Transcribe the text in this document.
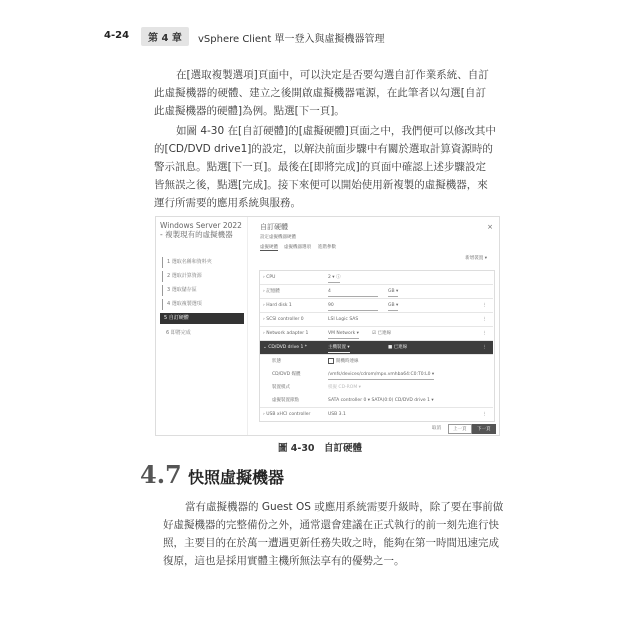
4-24	第 4 章	vSphere Client 單一登入與虛擬機器管理
在[選取複製選項]頁面中，可以決定是否要勾選自訂作業系統、自訂
此虛擬機器的硬體、建立之後開啟虛擬機器電源，在此筆者以勾選[自訂
此虛擬機器的硬體]為例。點選[下一頁]。
如圖 4-30 在[自訂硬體]的[虛擬硬體]頁面之中，我們便可以修改其中
的[CD/DVD drive1]的設定，以解決前面步驟中有關於選取計算資源時的
警示訊息。點選[下一頁]。最後在[即將完成]的頁面中確認上述步驟設定
皆無誤之後，點選[完成]。接下來便可以開始使用新複製的虛擬機器，來
運行所需要的應用系統與服務。
Windows Server 2022 - 複製現有的虛擬機器
1 選取名稱和資料夾
2 選取計算資源
3 選取儲存區
4 選取複製選項
5 自訂硬體
6 即將完成
自訂硬體	×
設定虛擬機器硬體
虛擬硬體 虛擬機器選項 進階參數
新增裝置 ▾
› CPU	2 ▾ ⓘ
› 記憶體	4	GB ▾
› Hard disk 1	90	GB ▾	⋮
› SCSI controller 0	LSI Logic SAS	⋮
› Network adapter 1	VM Network ▾	☑ 已連線	⋮
⌄ CD/DVD drive 1 *	主機裝置 ▾	■ 已連線	⋮
狀態	開機時連線
CD/DVD 媒體	/vmfs/devices/cdrom/mpx.vmhba64:C0:T0:L0 ▾
裝置模式	模擬 CD-ROM ▾
虛擬裝置節點	SATA controller 0 ▾ SATA(0:0) CD/DVD drive 1 ▾
› USB xHCI controller	USB 3.1	⋮
取消	上一頁	下一頁
圖 4-30　自訂硬體
4.7 快照虛擬機器
當有虛擬機器的 Guest OS 或應用系統需要升級時，除了要在事前做
好虛擬機器的完整備份之外，通常還會建議在正式執行的前一刻先進行快
照，主要目的在於萬一遭遇更新任務失敗之時，能夠在第一時間迅速完成
復原，這也是採用實體主機所無法享有的優勢之一。
